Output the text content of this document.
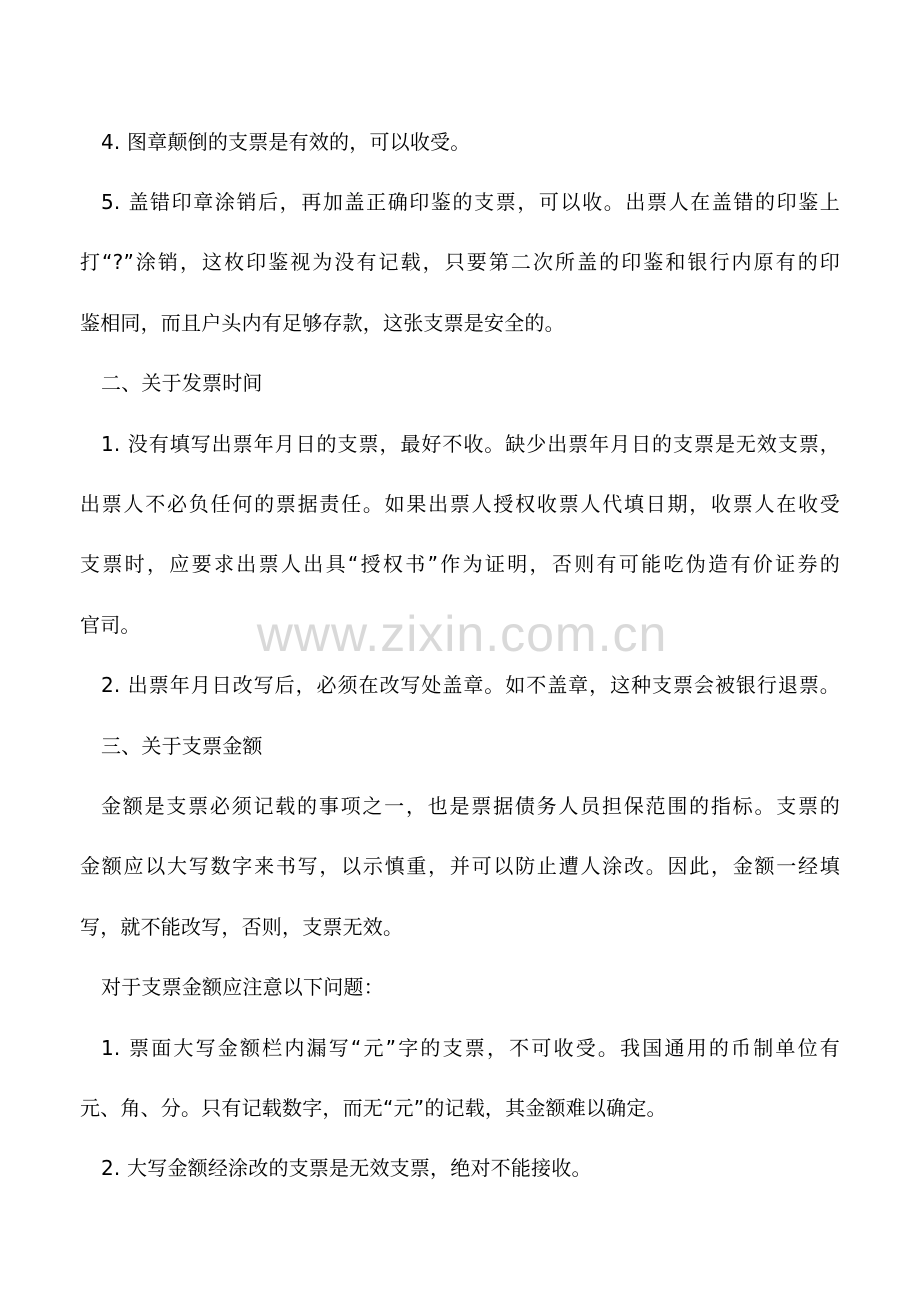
4. 图章颠倒的支票是有效的，可以收受。
5. 盖错印章涂销后，再加盖正确印鉴的支票，可以收。出票人在盖错的印鉴上
打“?”涂销，这枚印鉴视为没有记载，只要第二次所盖的印鉴和银行内原有的印
鉴相同，而且户头内有足够存款，这张支票是安全的。
二、关于发票时间
1. 没有填写出票年月日的支票，最好不收。缺少出票年月日的支票是无效支票，
出票人不必负任何的票据责任。如果出票人授权收票人代填日期，收票人在收受
支票时，应要求出票人出具“授权书”作为证明，否则有可能吃伪造有价证券的
官司。
2. 出票年月日改写后，必须在改写处盖章。如不盖章，这种支票会被银行退票。
三、关于支票金额
金额是支票必须记载的事项之一，也是票据债务人员担保范围的指标。支票的
金额应以大写数字来书写，以示慎重，并可以防止遭人涂改。因此，金额一经填
写，就不能改写，否则，支票无效。
对于支票金额应注意以下问题：
1. 票面大写金额栏内漏写“元”字的支票，不可收受。我国通用的币制单位有
元、角、分。只有记载数字，而无“元”的记载，其金额难以确定。
2. 大写金额经涂改的支票是无效支票，绝对不能接收。
www.zixin.com.cn
